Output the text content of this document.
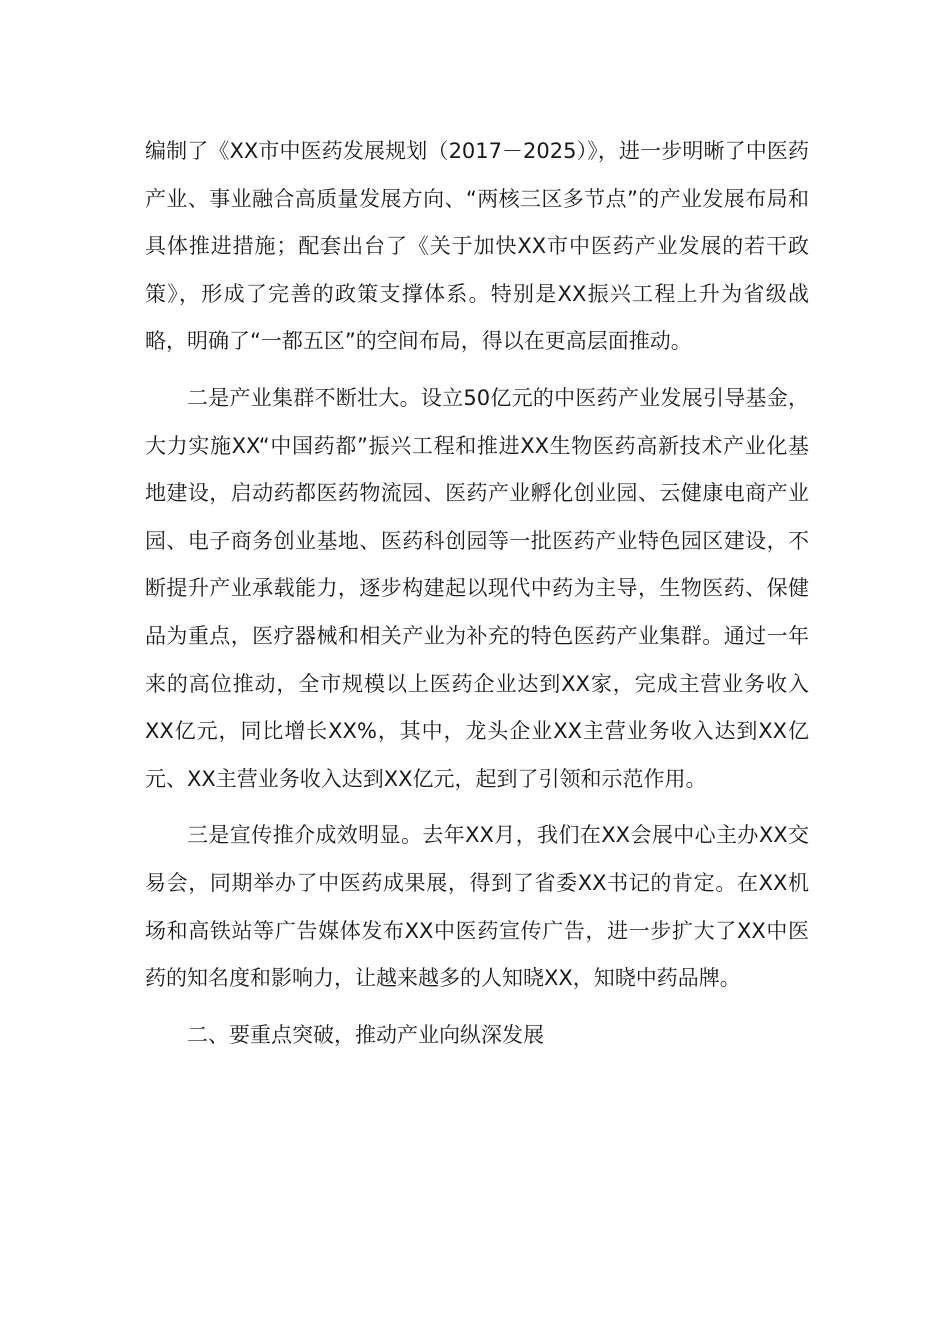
编制了《XX市中医药发展规划（2017－2025）》，进一步明晰了中医药产业、事业融合高质量发展方向、“两核三区多节点”的产业发展布局和具体推进措施；配套出台了《关于加快XX市中医药产业发展的若干政策》，形成了完善的政策支撑体系。特别是XX振兴工程上升为省级战略，明确了“一都五区”的空间布局，得以在更高层面推动。

二是产业集群不断壮大。设立50亿元的中医药产业发展引导基金，大力实施XX“中国药都”振兴工程和推进XX生物医药高新技术产业化基地建设，启动药都医药物流园、医药产业孵化创业园、云健康电商产业园、电子商务创业基地、医药科创园等一批医药产业特色园区建设，不断提升产业承载能力，逐步构建起以现代中药为主导，生物医药、保健品为重点，医疗器械和相关产业为补充的特色医药产业集群。通过一年来的高位推动，全市规模以上医药企业达到XX家，完成主营业务收入XX亿元，同比增长XX%，其中，龙头企业XX主营业务收入达到XX亿元、XX主营业务收入达到XX亿元，起到了引领和示范作用。

三是宣传推介成效明显。去年XX月，我们在XX会展中心主办XX交易会，同期举办了中医药成果展，得到了省委XX书记的肯定。在XX机场和高铁站等广告媒体发布XX中医药宣传广告，进一步扩大了XX中医药的知名度和影响力，让越来越多的人知晓XX，知晓中药品牌。

二、要重点突破，推动产业向纵深发展
